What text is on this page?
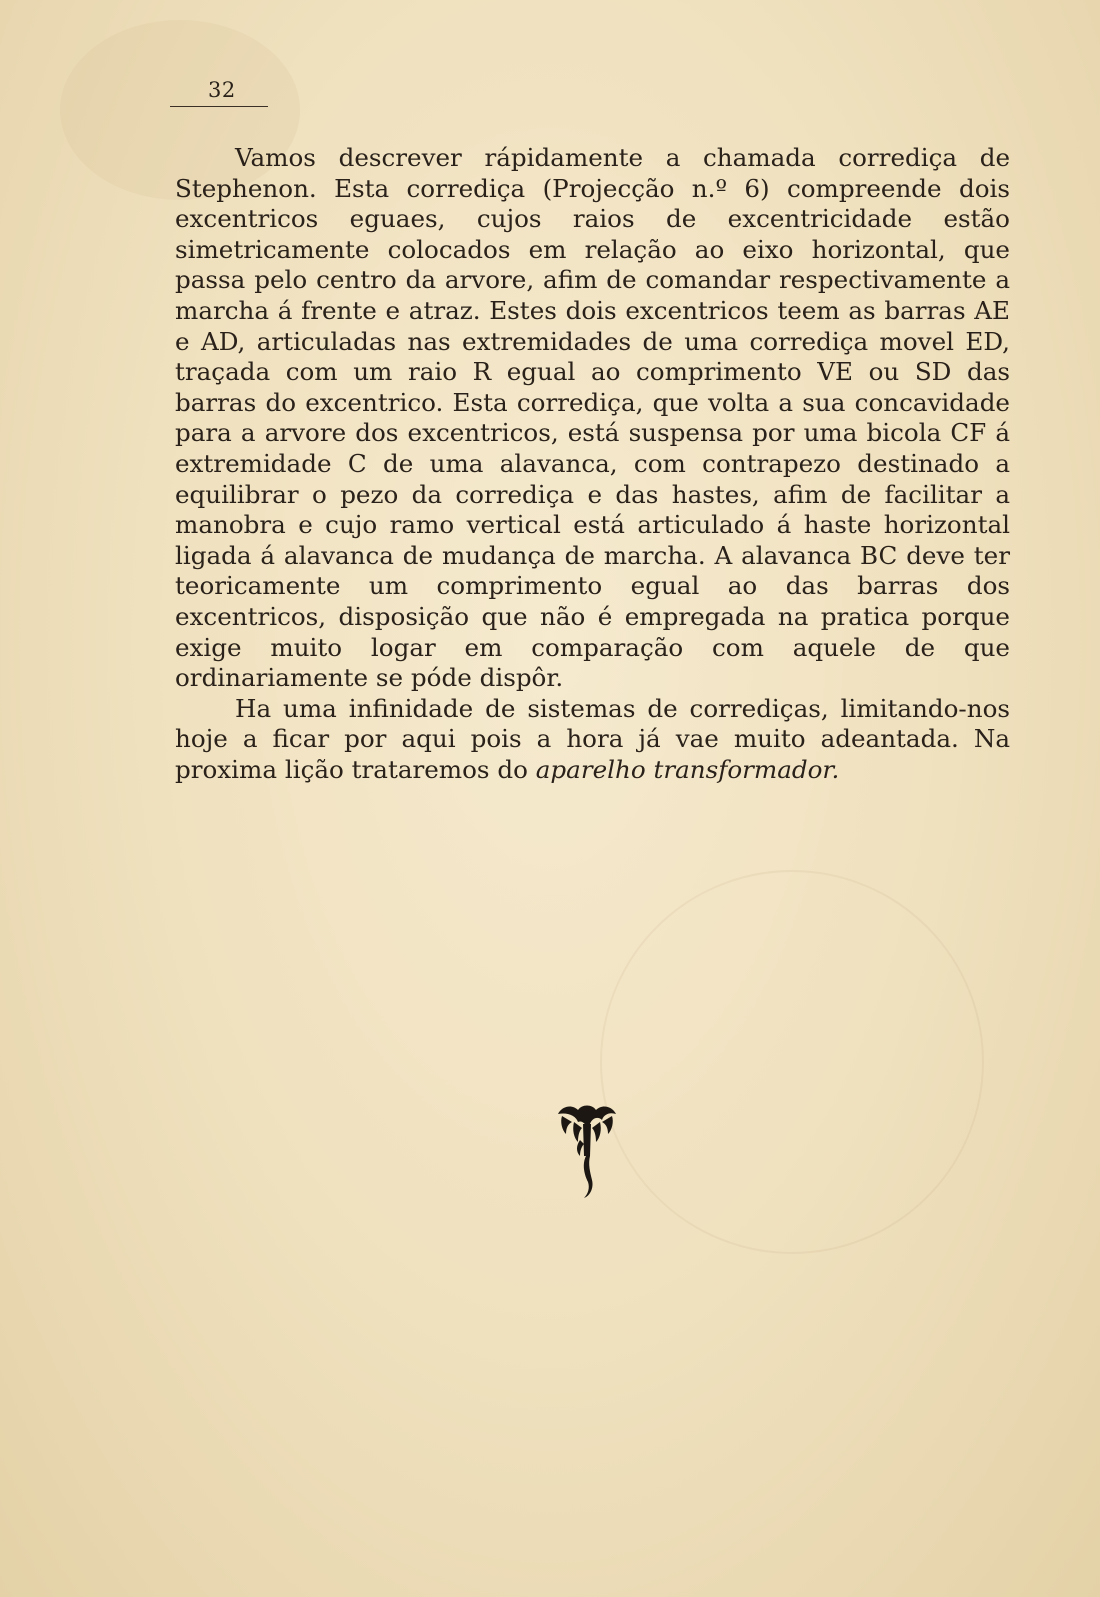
32

Vamos descrever rápidamente a chamada corrediça de Stephenon. Esta corrediça (Projecção n.º 6) compreende dois excentricos eguaes, cujos raios de excentricidade estão simetricamente colocados em relação ao eixo horizontal, que passa pelo centro da arvore, afim de comandar respectivamente a marcha á frente e atraz. Estes dois excentricos teem as barras AE e AD, articuladas nas extremidades de uma corrediça movel ED, traçada com um raio R egual ao comprimento VE ou SD das barras do excentrico. Esta corrediça, que volta a sua concavidade para a arvore dos excentricos, está suspensa por uma bicola CF á extremidade C de uma alavanca, com contrapezo destinado a equilibrar o pezo da corrediça e das hastes, afim de facilitar a manobra e cujo ramo vertical está articulado á haste horizontal ligada á alavanca de mudança de marcha. A alavanca BC deve ter teoricamente um comprimento egual ao das barras dos excentricos, disposição que não é empregada na pratica porque exige muito logar em comparação com aquele de que ordinariamente se póde dispôr.

Ha uma infinidade de sistemas de corrediças, limitando-nos hoje a ficar por aqui pois a hora já vae muito adeantada. Na proxima lição trataremos do aparelho transformador.
